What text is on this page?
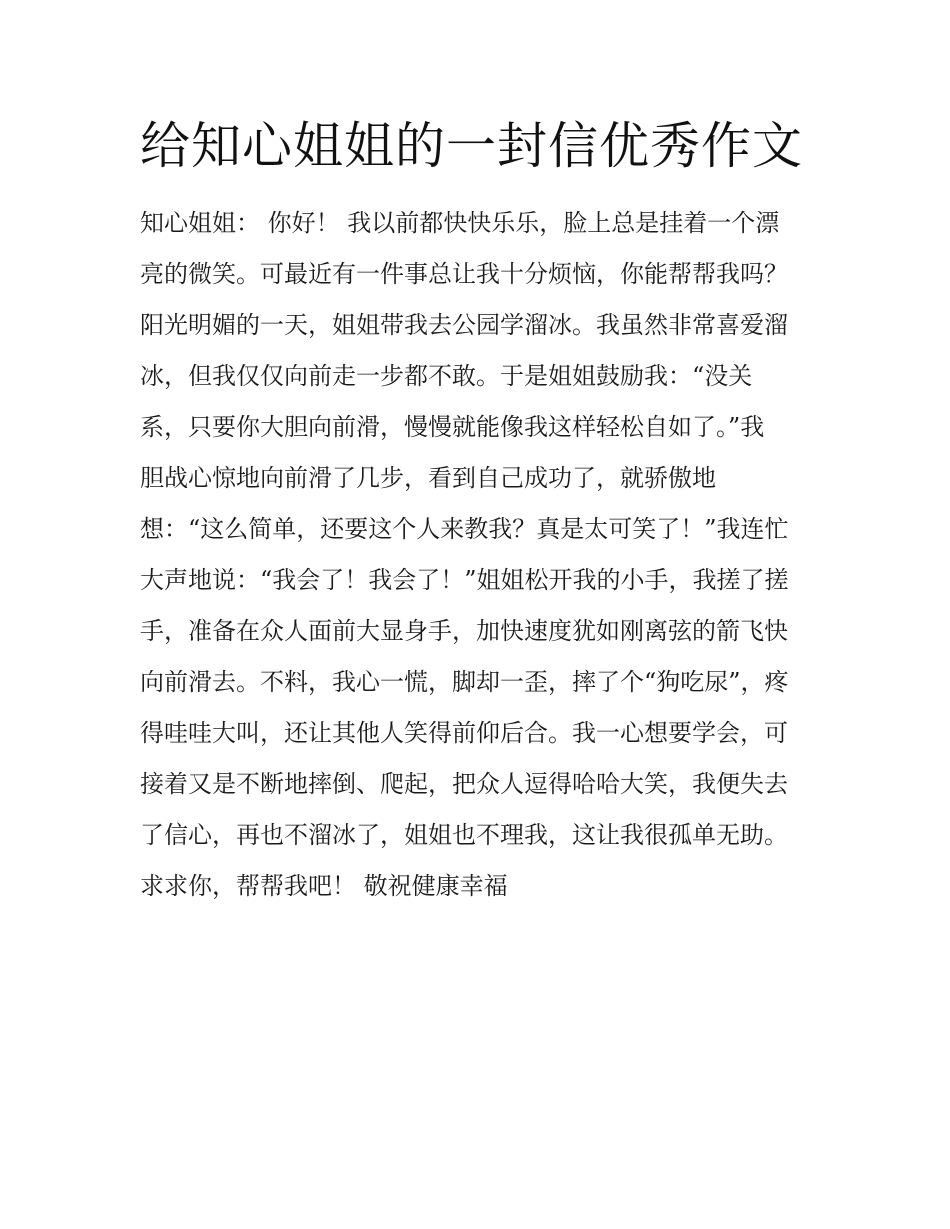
给知心姐姐的一封信优秀作文
知心姐姐： 你好！ 我以前都快快乐乐，脸上总是挂着一个漂
亮的微笑。可最近有一件事总让我十分烦恼，你能帮帮我吗？
阳光明媚的一天，姐姐带我去公园学溜冰。我虽然非常喜爱溜
冰，但我仅仅向前走一步都不敢。于是姐姐鼓励我：“没关
系，只要你大胆向前滑，慢慢就能像我这样轻松自如了。”我
胆战心惊地向前滑了几步，看到自己成功了，就骄傲地
想：“这么简单，还要这个人来教我？真是太可笑了！”我连忙
大声地说：“我会了！我会了！”姐姐松开我的小手，我搓了搓
手，准备在众人面前大显身手，加快速度犹如刚离弦的箭飞快
向前滑去。不料，我心一慌，脚却一歪，摔了个“狗吃尿”，疼
得哇哇大叫，还让其他人笑得前仰后合。我一心想要学会，可
接着又是不断地摔倒、爬起，把众人逗得哈哈大笑，我便失去
了信心，再也不溜冰了，姐姐也不理我，这让我很孤单无助。
求求你，帮帮我吧！ 敬祝健康幸福
